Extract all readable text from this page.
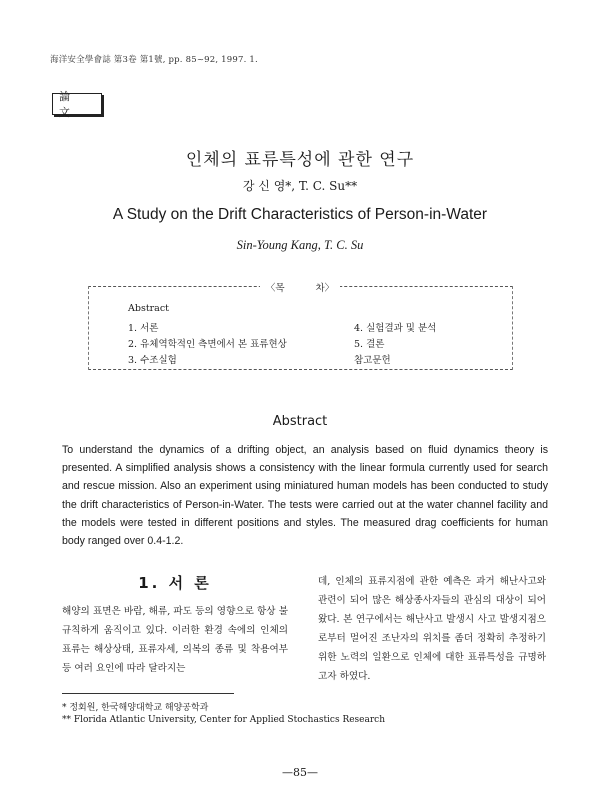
海洋安全學會誌 第3卷 第1號, pp. 85~92, 1997. 1.
論 文
인체의 표류특성에 관한 연구
강 신 영*, T. C. Su**
A Study on the Drift Characteristics of Person-in-Water
Sin-Young Kang, T. C. Su
〈목 차〉
Abstract
1. 서론
2. 유체역학적인 측면에서 본 표류현상
3. 수조실험
4. 실험결과 및 분석
5. 결론
참고문헌
Abstract
To understand the dynamics of a drifting object, an analysis based on fluid dynamics theory is presented. A simplified analysis shows a consistency with the linear formula currently used for search and rescue mission. Also an experiment using miniatured human models has been conducted to study the drift characteristics of Person-in-Water. The tests were carried out at the water channel facility and the models were tested in different positions and styles. The measured drag coefficients for human body ranged over 0.4-1.2.
1. 서 론
해양의 표면은 바람, 해류, 파도 등의 영향으로 항상 불규칙하게 움직이고 있다. 이러한 환경 속에의 인체의 표류는 해상상태, 표류자세, 의복의 종류 및 착용여부 등 여러 요인에 따라 달라지는
데, 인체의 표류지점에 관한 예측은 과거 해난사고와 관련이 되어 많은 해상종사자들의 관심의 대상이 되어왔다. 본 연구에서는 해난사고 발생시 사고 발생지점으로부터 멀어진 조난자의 위치를 좀더 정확히 추정하기 위한 노력의 일환으로 인체에 대한 표류특성을 규명하고자 하였다.
* 정회원, 한국해양대학교 해양공학과
** Florida Atlantic University, Center for Applied Stochastics Research
—85—
